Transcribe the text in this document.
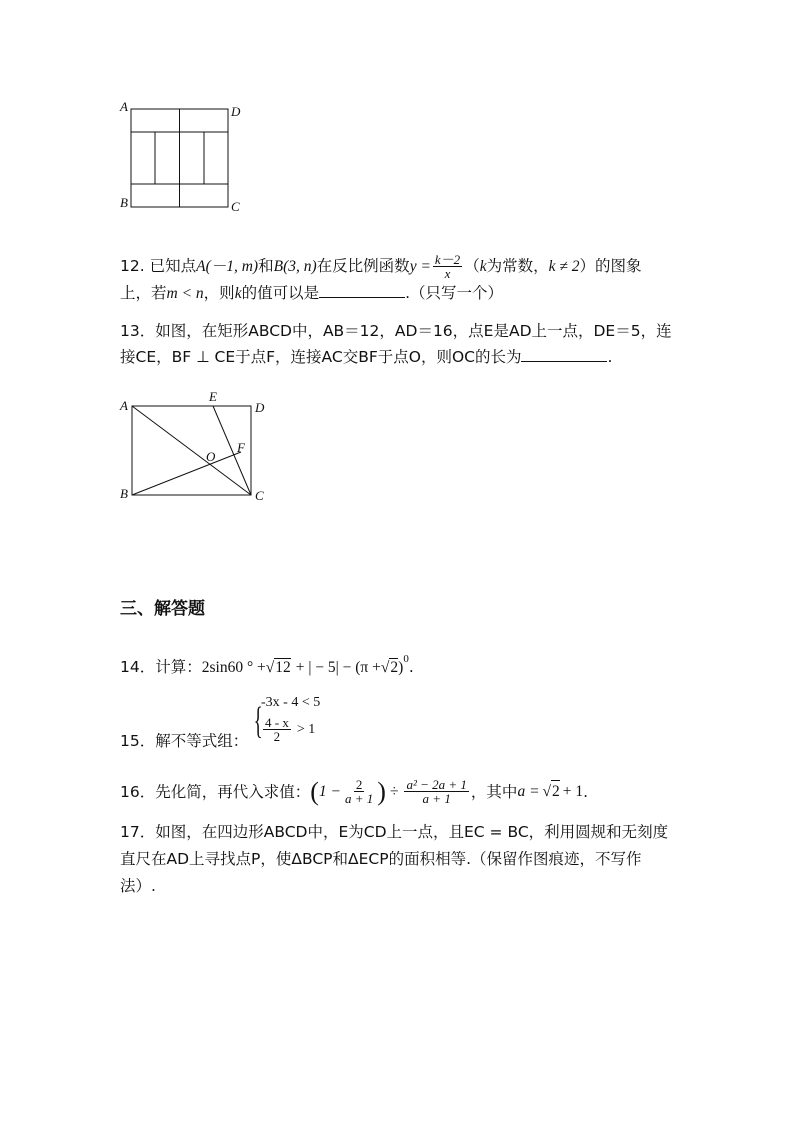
A	D
B	C
12. 已知点A(－1, m)和B(3, n)在反比例函数$y = \frac{k-2}{x} (k$为常数，k ≠ 2）的图象
上，若m < n，则k的值可以是	.（只写一个）
13．如图，在矩形ABCD中，AB＝12，AD＝16，点E是AD上一点，DE＝5，连
接CE，BF ⊥ CE于点F，连接AC交BF于点O，则OC的长为	.
A	D
E
F
O
B	C
三、解答题
14．计算：2sin60 ° +√12 + | − $5| - (\pi +√2)^0$.
15．解不等式组： {
-3x - 4 < 5
$\frac{4 - x}{2} > 1$
16．先化简，再代入求值： ( $1 - \frac{2}{a + 1}$ ) ÷ $\frac{\text{a² − 2a + 1}}{a + 1}$ ，其中 a = √ 2 + 1 .
17．如图，在四边形ABCD中，E为CD上一点，且EC = BC，利用圆规和无刻度
直尺在AD上寻找点P，使ΔBCP和ΔECP的面积相等.（保留作图痕迹，不写作
法）.
